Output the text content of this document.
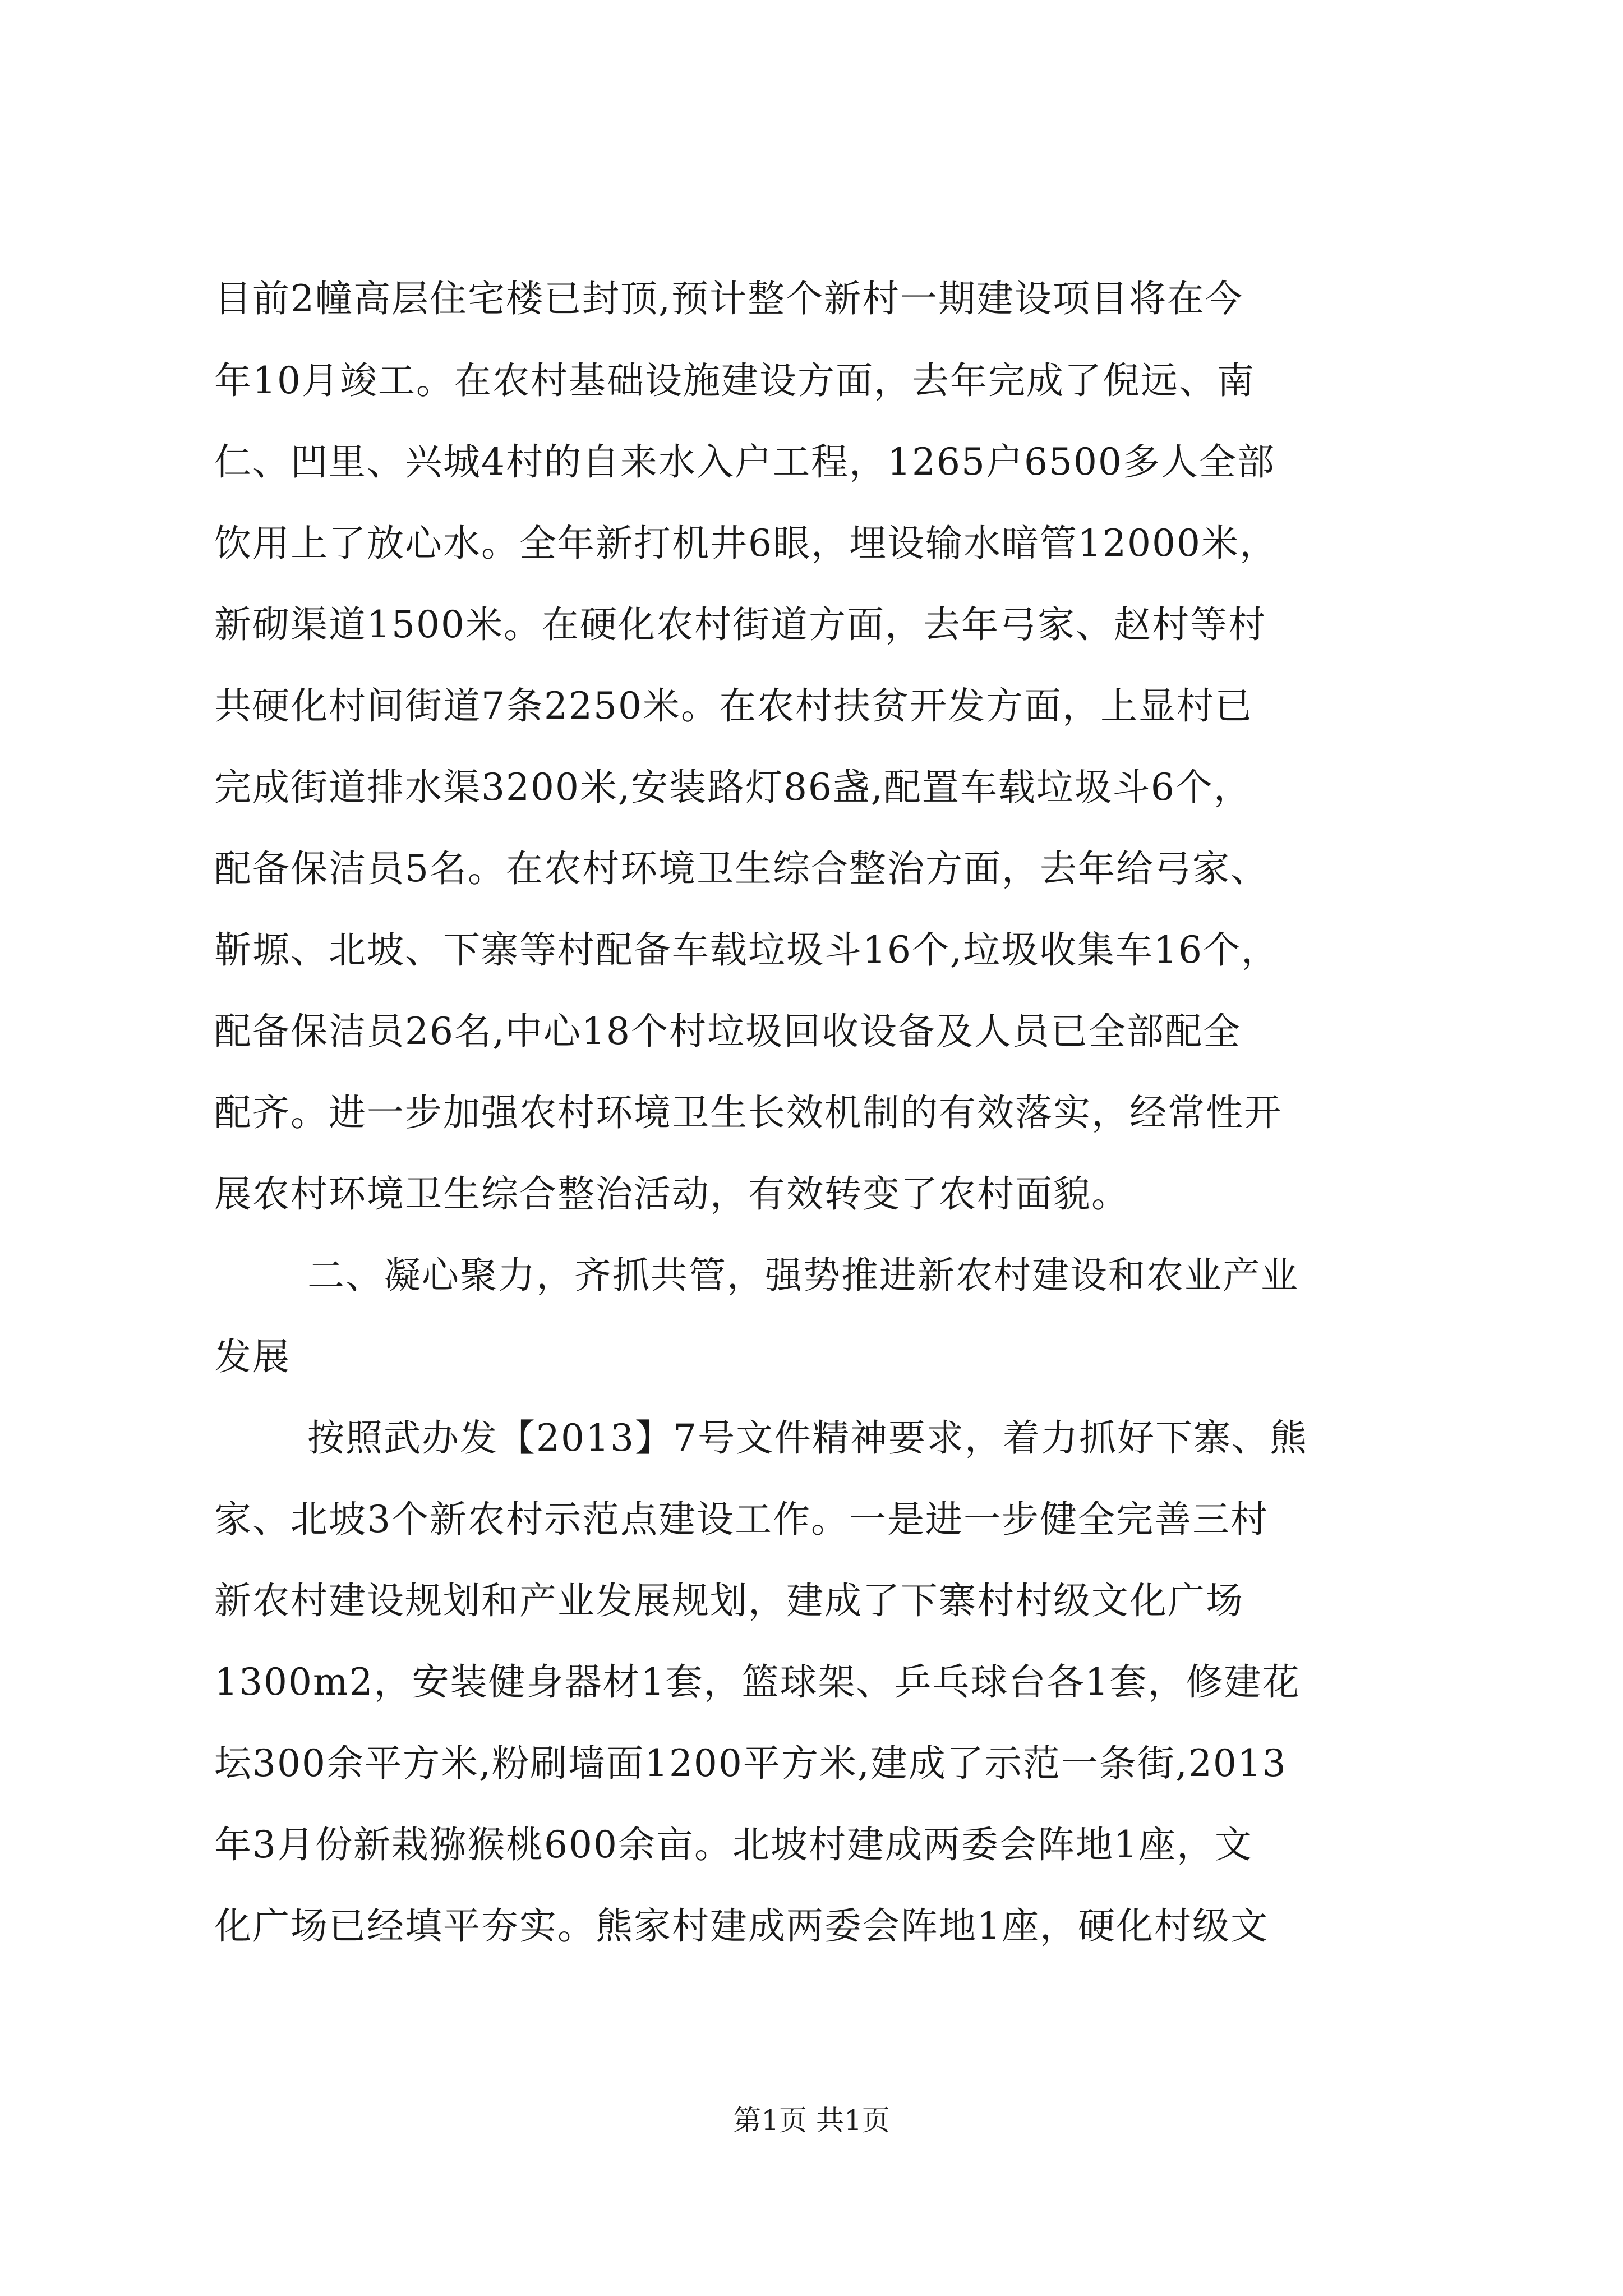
目前2幢高层住宅楼已封顶,预计整个新村一期建设项目将在今
年10月竣工。在农村基础设施建设方面，去年完成了倪远、南
仁、凹里、兴城4村的自来水入户工程，1265户6500多人全部
饮用上了放心水。全年新打机井6眼，埋设输水暗管12000米，
新砌渠道1500米。在硬化农村街道方面，去年弓家、赵村等村
共硬化村间街道7条2250米。在农村扶贫开发方面，上显村已
完成街道排水渠3200米,安装路灯86盏,配置车载垃圾斗6个，
配备保洁员5名。在农村环境卫生综合整治方面，去年给弓家、
靳塬、北坡、下寨等村配备车载垃圾斗16个,垃圾收集车16个，
配备保洁员26名,中心18个村垃圾回收设备及人员已全部配全
配齐。进一步加强农村环境卫生长效机制的有效落实，经常性开
展农村环境卫生综合整治活动，有效转变了农村面貌。
二、凝心聚力，齐抓共管，强势推进新农村建设和农业产业
发展
按照武办发【2013】7号文件精神要求，着力抓好下寨、熊
家、北坡3个新农村示范点建设工作。一是进一步健全完善三村
新农村建设规划和产业发展规划，建成了下寨村村级文化广场
1300m2，安装健身器材1套，篮球架、乒乓球台各1套，修建花
坛300余平方米,粉刷墙面1200平方米,建成了示范一条街,2013
年3月份新栽猕猴桃600余亩。北坡村建成两委会阵地1座，文
化广场已经填平夯实。熊家村建成两委会阵地1座，硬化村级文
第1页 共1页
